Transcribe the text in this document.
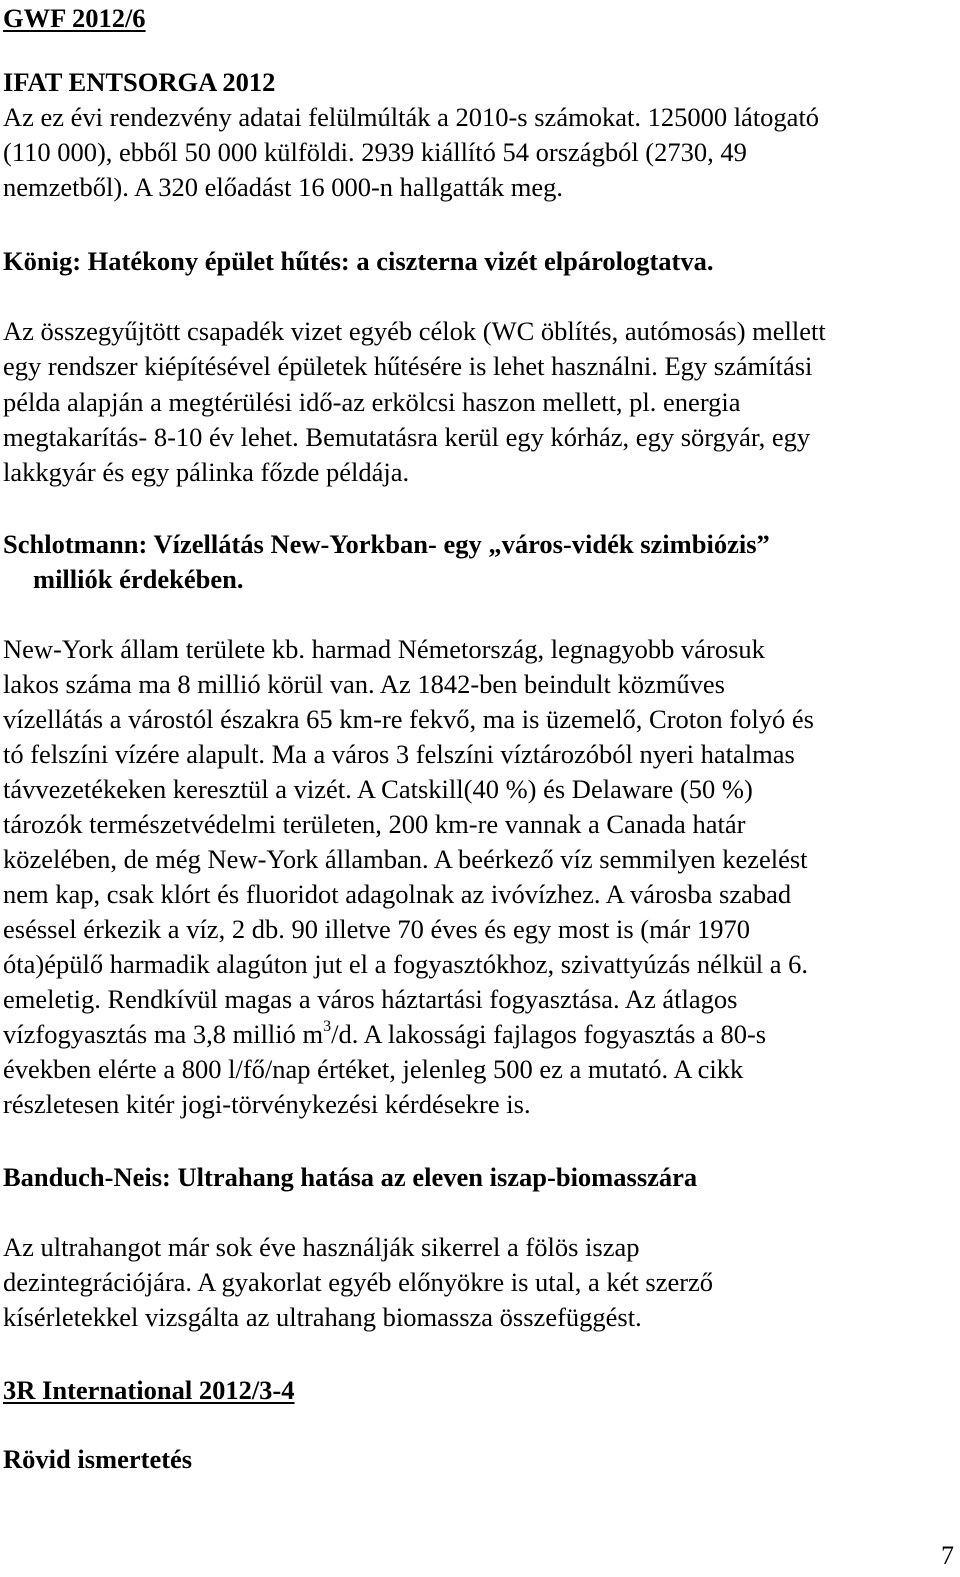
GWF 2012/6
IFAT ENTSORGA 2012
Az ez évi rendezvény adatai felülmúlták a 2010-s számokat. 125000 látogató
(110 000), ebből 50 000 külföldi. 2939 kiállító 54 országból (2730, 49
nemzetből). A 320 előadást 16 000-n hallgatták meg.
König: Hatékony épület hűtés: a ciszterna vizét elpárologtatva.
Az összegyűjtött csapadék vizet egyéb célok (WC öblítés, autómosás) mellett
egy rendszer kiépítésével épületek hűtésére is lehet használni. Egy számítási
példa alapján a megtérülési idő-az erkölcsi haszon mellett, pl. energia
megtakarítás- 8-10 év lehet. Bemutatásra kerül egy kórház, egy sörgyár, egy
lakkgyár és egy pálinka főzde példája.
Schlotmann: Vízellátás New-Yorkban- egy „város-vidék szimbiózis”
milliók érdekében.
New-York állam területe kb. harmad Németország, legnagyobb városuk
lakos száma ma 8 millió körül van. Az 1842-ben beindult közműves
vízellátás a várostól északra 65 km-re fekvő, ma is üzemelő, Croton folyó és
tó felszíni vízére alapult. Ma a város 3 felszíni víztározóból nyeri hatalmas
távvezetékeken keresztül a vizét. A Catskill(40 %) és Delaware (50 %)
tározók természetvédelmi területen, 200 km-re vannak a Canada határ
közelében, de még New-York államban. A beérkező víz semmilyen kezelést
nem kap, csak klórt és fluoridot adagolnak az ivóvízhez. A városba szabad
eséssel érkezik a víz, 2 db. 90 illetve 70 éves és egy most is (már 1970
óta)épülő harmadik alagúton jut el a fogyasztókhoz, szivattyúzás nélkül a 6.
emeletig. Rendkívül magas a város háztartási fogyasztása. Az átlagos
vízfogyasztás ma 3,8 millió $m^3/d$. A lakossági fajlagos fogyasztás a 80-s
években elérte a 800 l/fő/nap értéket, jelenleg 500 ez a mutató. A cikk
részletesen kitér jogi-törvénykezési kérdésekre is.
Banduch-Neis: Ultrahang hatása az eleven iszap-biomasszára
Az ultrahangot már sok éve használják sikerrel a fölös iszap
dezintegrációjára. A gyakorlat egyéb előnyökre is utal, a két szerző
kísérletekkel vizsgálta az ultrahang biomassza összefüggést.
3R International 2012/3-4
Rövid ismertetés
7
